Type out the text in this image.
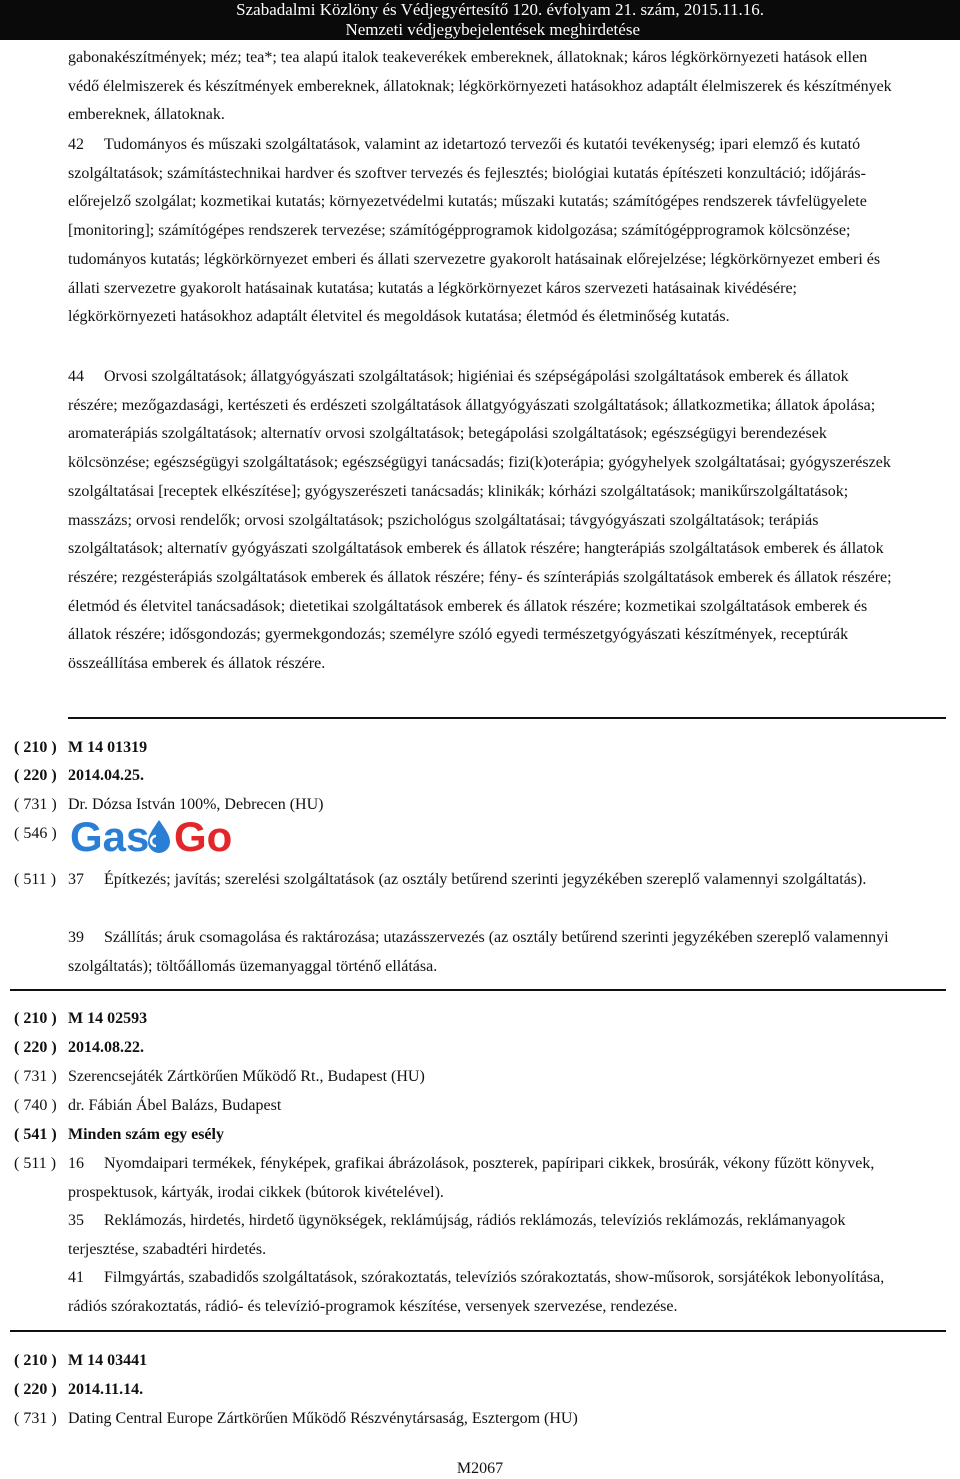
Szabadalmi Közlöny és Védjegyértesítő 120. évfolyam 21. szám, 2015.11.16.
Nemzeti védjegybejelentések meghirdetése
gabonakészítmények; méz; tea*; tea alapú italok teakeverékek embereknek, állatoknak; káros légkörkörnyezeti hatások ellen védő élelmiszerek és készítmények embereknek, állatoknak; légkörkörnyezeti hatásokhoz adaptált élelmiszerek és készítmények embereknek, állatoknak.
42 Tudományos és műszaki szolgáltatások, valamint az idetartozó tervezői és kutatói tevékenység; ipari elemző és kutató szolgáltatások; számítástechnikai hardver és szoftver tervezés és fejlesztés; biológiai kutatás építészeti konzultáció; időjárás-előrejelző szolgálat; kozmetikai kutatás; környezetvédelmi kutatás; műszaki kutatás; számítógépes rendszerek távfelügyelete [monitoring]; számítógépes rendszerek tervezése; számítógépprogramok kidolgozása; számítógépprogramok kölcsönzése; tudományos kutatás; légkörkörnyezet emberi és állati szervezetre gyakorolt hatásainak előrejelzése; légkörkörnyezet emberi és állati szervezetre gyakorolt hatásainak kutatása; kutatás a légkörkörnyezet káros szervezeti hatásainak kivédésére; légkörkörnyezeti hatásokhoz adaptált életvitel és megoldások kutatása; életmód és életminőség kutatás.
44 Orvosi szolgáltatások; állatgyógyászati szolgáltatások; higiéniai és szépségápolási szolgáltatások emberek és állatok részére; mezőgazdasági, kertészeti és erdészeti szolgáltatások állatgyógyászati szolgáltatások; állatkozmetika; állatok ápolása; aromaterápiás szolgáltatások; alternatív orvosi szolgáltatások; betegápolási szolgáltatások; egészségügyi berendezések kölcsönzése; egészségügyi szolgáltatások; egészségügyi tanácsadás; fizi(k)oterápia; gyógyhelyek szolgáltatásai; gyógyszerészek szolgáltatásai [receptek elkészítése]; gyógyszerészeti tanácsadás; klinikák; kórházi szolgáltatások; manikűrszolgáltatások; masszázs; orvosi rendelők; orvosi szolgáltatások; pszichológus szolgáltatásai; távgyógyászati szolgáltatások; terápiás szolgáltatások; alternatív gyógyászati szolgáltatások emberek és állatok részére; hangterápiás szolgáltatások emberek és állatok részére; rezgésterápiás szolgáltatások emberek és állatok részére; fény- és színterápiás szolgáltatások emberek és állatok részére; életmód és életvitel tanácsadások; dietetikai szolgáltatások emberek és állatok részére; kozmetikai szolgáltatások emberek és állatok részére; idősgondozás; gyermekgondozás; személyre szóló egyedi természetgyógyászati készítmények, receptúrák összeállítása emberek és állatok részére.
( 210 ) M 14 01319
( 220 ) 2014.04.25.
( 731 ) Dr. Dózsa István 100%, Debrecen (HU)
( 546 ) Gas Go
( 511 ) 37 Építkezés; javítás; szerelési szolgáltatások (az osztály betűrend szerinti jegyzékében szereplő valamennyi szolgáltatás).
39 Szállítás; áruk csomagolása és raktározása; utazásszervezés (az osztály betűrend szerinti jegyzékében szereplő valamennyi szolgáltatás); töltőállomás üzemanyaggal történő ellátása.
( 210 ) M 14 02593
( 220 ) 2014.08.22.
( 731 ) Szerencsejáték Zártkörűen Működő Rt., Budapest (HU)
( 740 ) dr. Fábián Ábel Balázs, Budapest
( 541 ) Minden szám egy esély
( 511 ) 16 Nyomdaipari termékek, fényképek, grafikai ábrázolások, poszterek, papíripari cikkek, brosúrák, vékony fűzött könyvek, prospektusok, kártyák, irodai cikkek (bútorok kivételével).
35 Reklámozás, hirdetés, hirdető ügynökségek, reklámújság, rádiós reklámozás, televíziós reklámozás, reklámanyagok terjesztése, szabadtéri hirdetés.
41 Filmgyártás, szabadidős szolgáltatások, szórakoztatás, televíziós szórakoztatás, show-műsorok, sorsjátékok lebonyolítása, rádiós szórakoztatás, rádió- és televízió-programok készítése, versenyek szervezése, rendezése.
( 210 ) M 14 03441
( 220 ) 2014.11.14.
( 731 ) Dating Central Europe Zártkörűen Működő Részvénytársaság, Esztergom (HU)
M2067
